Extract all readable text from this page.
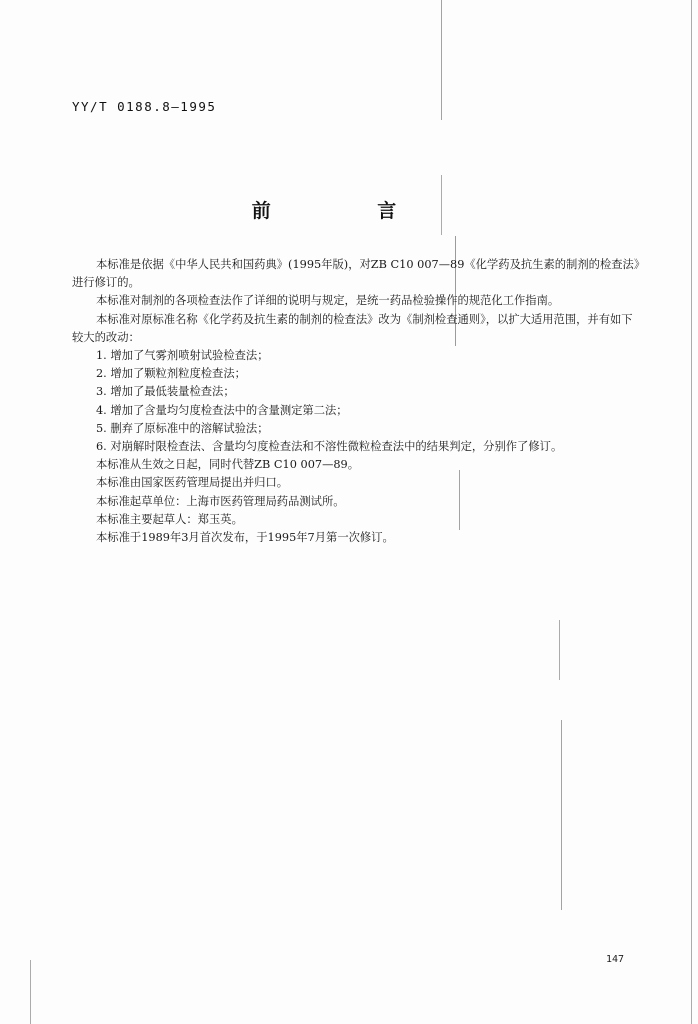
YY/T 0188.8—1995
前 言

本标准是依据《中华人民共和国药典》(1995年版)，对ZB C10 007—89《化学药及抗生素的制剂的检查法》进行修订的。

本标准对制剂的各项检查法作了详细的说明与规定，是统一药品检验操作的规范化工作指南。

本标准对原标准名称《化学药及抗生素的制剂的检查法》改为《制剂检查通则》，以扩大适用范围，并有如下较大的改动：

1. 增加了气雾剂喷射试验检查法；

2. 增加了颗粒剂粒度检查法；

3. 增加了最低装量检查法；

4. 增加了含量均匀度检查法中的含量测定第二法；

5. 删弃了原标准中的溶解试验法；

6. 对崩解时限检查法、含量均匀度检查法和不溶性微粒检查法中的结果判定，分别作了修订。

本标准从生效之日起，同时代替ZB C10 007—89。

本标准由国家医药管理局提出并归口。

本标准起草单位：上海市医药管理局药品测试所。

本标准主要起草人：郑玉英。

本标准于1989年3月首次发布，于1995年7月第一次修订。

147
